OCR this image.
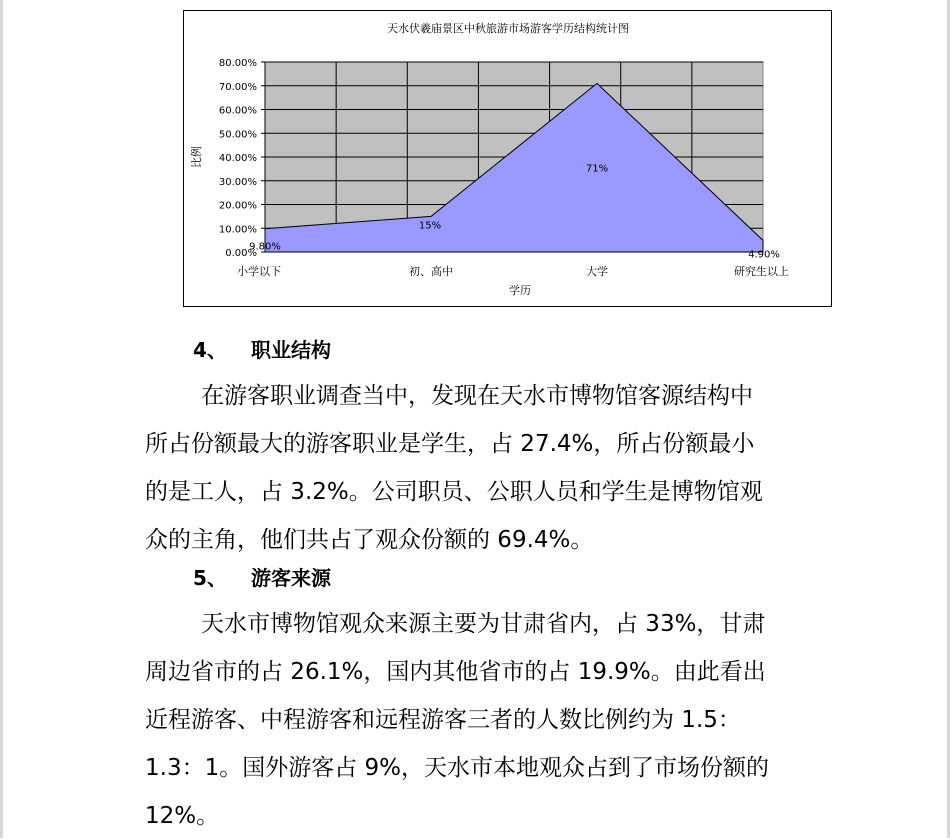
0.00%
10.00%
20.00%
30.00%
40.00%
50.00%
60.00%
70.00%
80.00%
小学以下	初、高中	大学	研究生以上
9.80%
15%
71%
4.90%
天水伏羲庙景区中秋旅游市场游客学历结构统计图
学历
比例
4、 职业结构
在游客职业调查当中，发现在天水市博物馆客源结构中
所占份额最大的游客职业是学生，占 27.4%，所占份额最小
的是工人，占 3.2%。公司职员、公职人员和学生是博物馆观
众的主角，他们共占了观众份额的 69.4%。
5、 游客来源
天水市博物馆观众来源主要为甘肃省内，占 33%，甘肃
周边省市的占 26.1%，国内其他省市的占 19.9%。由此看出
近程游客、中程游客和远程游客三者的人数比例约为 1.5：
1.3：1。国外游客占 9%，天水市本地观众占到了市场份额的
12%。
